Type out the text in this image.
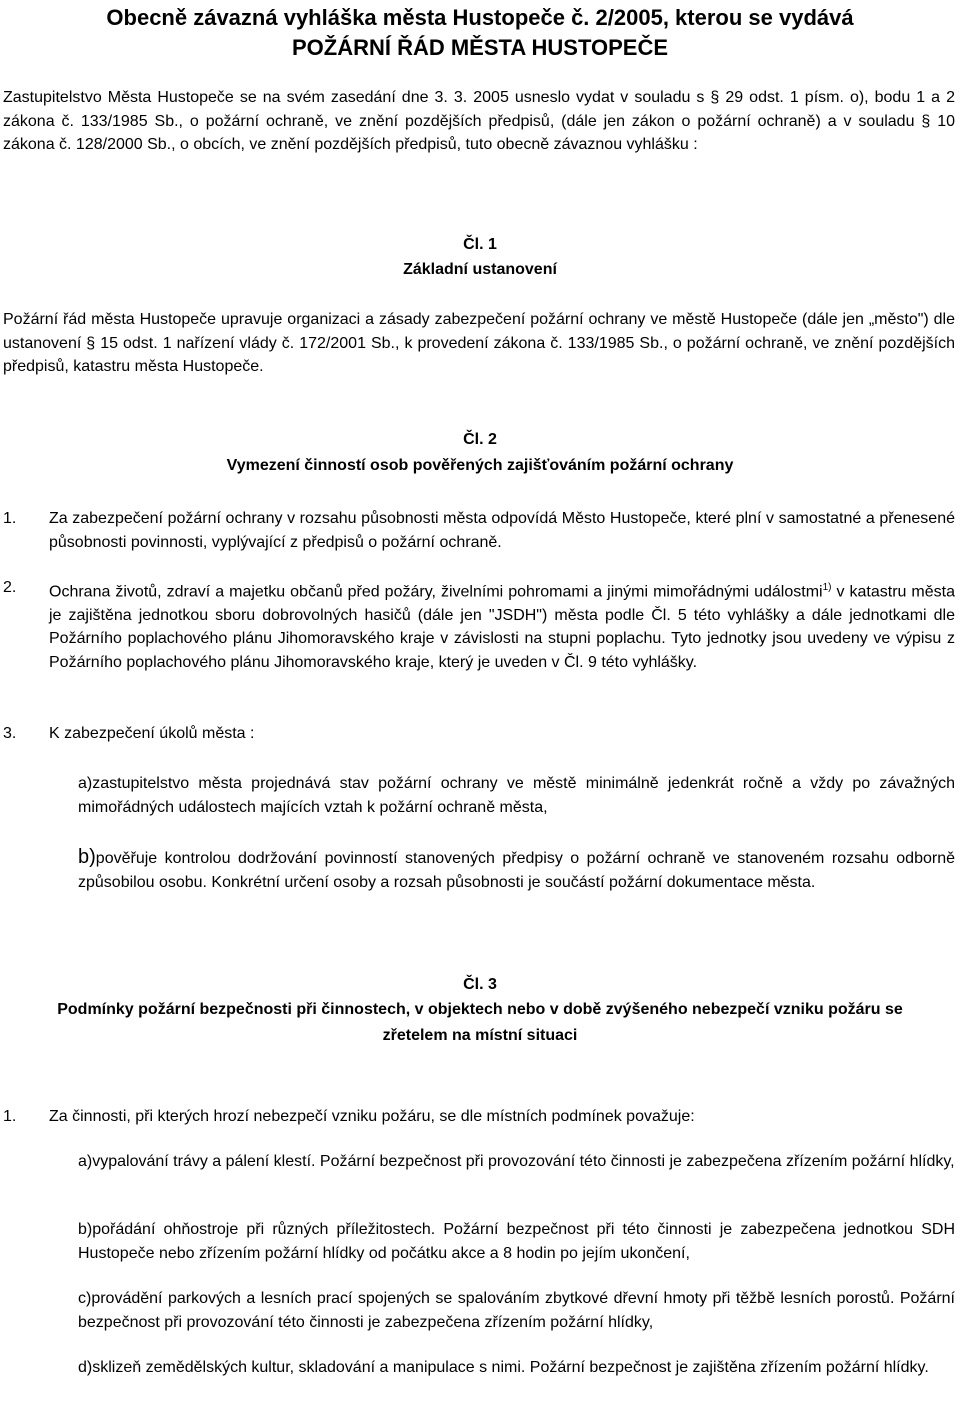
Obecně závazná vyhláška města Hustopeče č. 2/2005, kterou se vydává
POŽÁRNÍ ŘÁD MĚSTA HUSTOPEČE
Zastupitelstvo Města Hustopeče se na svém zasedání dne 3. 3. 2005 usneslo vydat v souladu s § 29 odst. 1 písm. o), bodu 1 a 2 zákona č. 133/1985 Sb., o požární ochraně, ve znění pozdějších předpisů, (dále jen zákon o požární ochraně) a v souladu § 10 zákona č. 128/2000 Sb., o obcích, ve znění pozdějších předpisů, tuto obecně závaznou vyhlášku :
Čl. 1
Základní ustanovení
Požární řád města Hustopeče upravuje organizaci a zásady zabezpečení požární ochrany ve městě Hustopeče (dále jen „město") dle ustanovení § 15 odst. 1 nařízení vlády č. 172/2001 Sb., k provedení zákona č. 133/1985 Sb., o požární ochraně, ve znění pozdějších předpisů, katastru města Hustopeče.
Čl. 2
Vymezení činností osob pověřených zajišťováním požární ochrany
1. Za zabezpečení požární ochrany v rozsahu působnosti města odpovídá Město Hustopeče, které plní v samostatné a přenesené působnosti povinnosti, vyplývající z předpisů o požární ochraně.
2. Ochrana životů, zdraví a majetku občanů před požáry, živelními pohromami a jinými mimořádnými událostmi$^{1)}$ v katastru města je zajištěna jednotkou sboru dobrovolných hasičů (dále jen "JSDH") města podle Čl. 5 této vyhlášky a dále jednotkami dle Požárního poplachového plánu Jihomoravského kraje v závislosti na stupni poplachu. Tyto jednotky jsou uvedeny ve výpisu z Požárního poplachového plánu Jihomoravského kraje, který je uveden v Čl. 9 této vyhlášky.
3. K zabezpečení úkolů města :
a)zastupitelstvo města projednává stav požární ochrany ve městě minimálně jedenkrát ročně a vždy po závažných mimořádných událostech majících vztah k požární ochraně města,
b)pověřuje kontrolou dodržování povinností stanovených předpisy o požární ochraně ve stanoveném rozsahu odborně způsobilou osobu. Konkrétní určení osoby a rozsah působnosti je součástí požární dokumentace města.
Čl. 3
Podmínky požární bezpečnosti při činnostech, v objektech nebo v době zvýšeného nebezpečí vzniku požáru se
zřetelem na místní situaci
1. Za činnosti, při kterých hrozí nebezpečí vzniku požáru, se dle místních podmínek považuje:
a)vypalování trávy a pálení klestí. Požární bezpečnost při provozování této činnosti je zabezpečena zřízením požární hlídky,
b)pořádání ohňostroje při různých příležitostech. Požární bezpečnost při této činnosti je zabezpečena jednotkou SDH Hustopeče nebo zřízením požární hlídky od počátku akce a 8 hodin po jejím ukončení,
c)provádění parkových a lesních prací spojených se spalováním zbytkové dřevní hmoty při těžbě lesních porostů. Požární bezpečnost při provozování této činnosti je zabezpečena zřízením požární hlídky,
d)sklizeň zemědělských kultur, skladování a manipulace s nimi. Požární bezpečnost je zajištěna zřízením požární hlídky.
